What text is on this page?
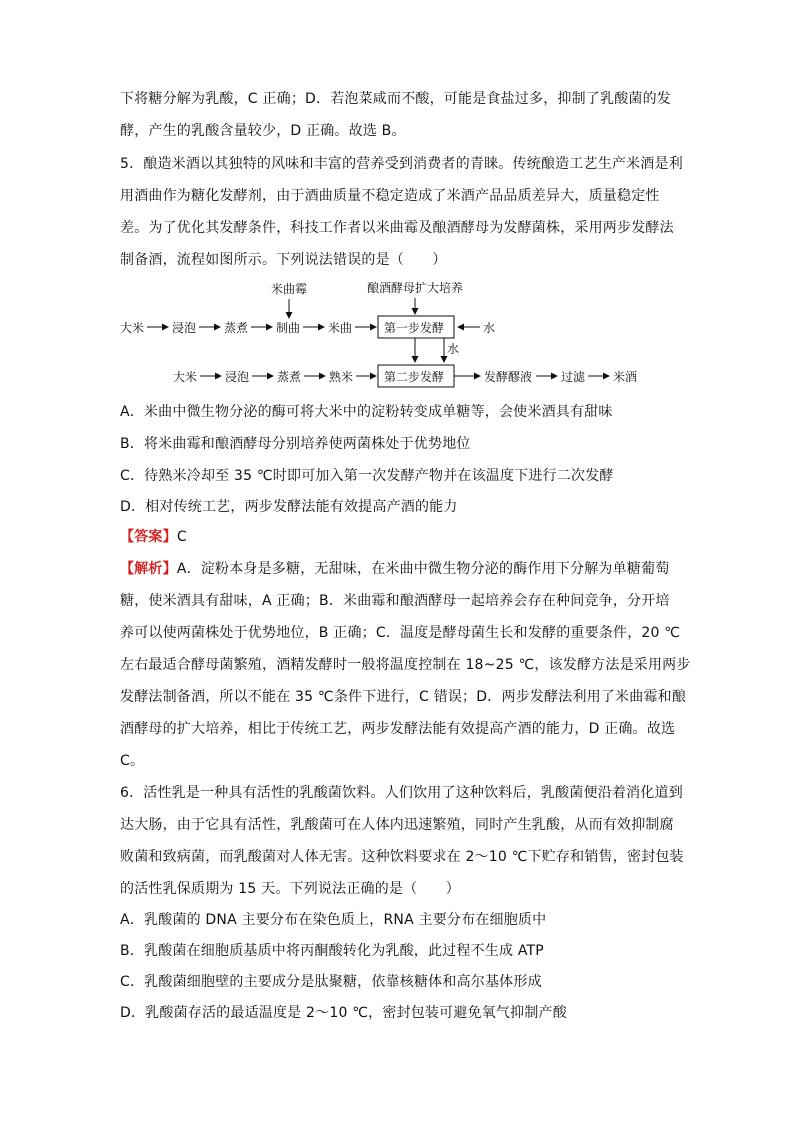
下将糖分解为乳酸，C 正确；D．若泡菜咸而不酸，可能是食盐过多，抑制了乳酸菌的发
酵，产生的乳酸含量较少，D 正确。故选 B。
5．酿造米酒以其独特的风味和丰富的营养受到消费者的青睐。传统酿造工艺生产米酒是利
用酒曲作为糖化发酵剂，由于酒曲质量不稳定造成了米酒产品品质差异大，质量稳定性
差。为了优化其发酵条件，科技工作者以米曲霉及酿酒酵母为发酵菌株，采用两步发酵法
制备酒，流程如图所示。下列说法错误的是（　　）
大米 浸泡 蒸煮 制曲 米曲
米曲霉	酿酒酵母扩大培养
第一步发酵	水
水
大米 浸泡 蒸煮 熟米	第二步发酵	发酵醪液 过滤 米酒
A．米曲中微生物分泌的酶可将大米中的淀粉转变成单糖等，会使米酒具有甜味
B．将米曲霉和酿酒酵母分别培养使两菌株处于优势地位
C．待熟米冷却至 35 ℃时即可加入第一次发酵产物并在该温度下进行二次发酵
D．相对传统工艺，两步发酵法能有效提高产酒的能力
【答案】C
【解析】A．淀粉本身是多糖，无甜味，在米曲中微生物分泌的酶作用下分解为单糖葡萄
糖，使米酒具有甜味，A 正确；B．米曲霉和酿酒酵母一起培养会存在种间竞争，分开培
养可以使两菌株处于优势地位，B 正确；C．温度是酵母菌生长和发酵的重要条件，20 ℃
左右最适合酵母菌繁殖，酒精发酵时一般将温度控制在 18~25 ℃，该发酵方法是采用两步
发酵法制备酒，所以不能在 35 ℃条件下进行，C 错误；D．两步发酵法利用了米曲霉和酿
酒酵母的扩大培养，相比于传统工艺，两步发酵法能有效提高产酒的能力，D 正确。故选
C。
6．活性乳是一种具有活性的乳酸菌饮料。人们饮用了这种饮料后，乳酸菌便沿着消化道到
达大肠，由于它具有活性，乳酸菌可在人体内迅速繁殖，同时产生乳酸，从而有效抑制腐
败菌和致病菌，而乳酸菌对人体无害。这种饮料要求在 2～10 ℃下贮存和销售，密封包装
的活性乳保质期为 15 天。下列说法正确的是（　　）
A．乳酸菌的 DNA 主要分布在染色质上，RNA 主要分布在细胞质中
B．乳酸菌在细胞质基质中将丙酮酸转化为乳酸，此过程不生成 ATP
C．乳酸菌细胞壁的主要成分是肽聚糖，依靠核糖体和高尔基体形成
D．乳酸菌存活的最适温度是 2～10 ℃，密封包装可避免氧气抑制产酸
